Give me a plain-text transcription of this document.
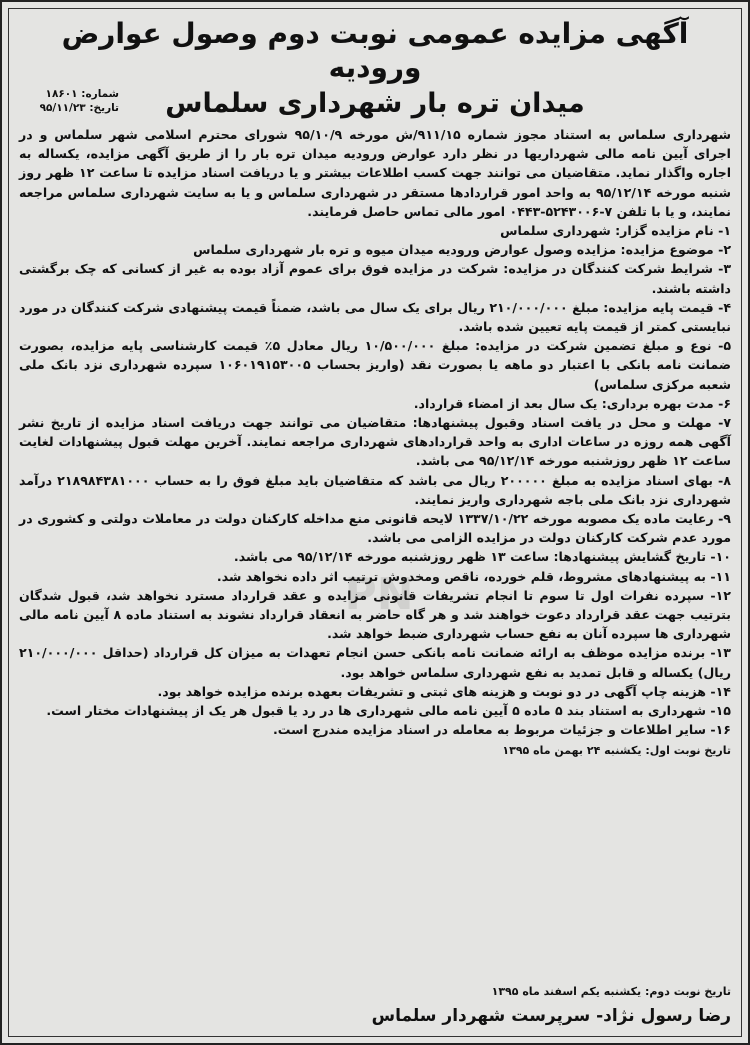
آگهی مزایده عمومی نوبت دوم وصول عوارض ورودیه
میدان تره بار شهرداری سلماس
شماره: ۱۸۶۰۱
تاریخ: ۹۵/۱۱/۲۳
شهرداری سلماس به استناد مجوز شماره ۹۱۱/۱۵/ش مورخه ۹۵/۱۰/۹ شورای محترم اسلامی شهر سلماس و در اجرای آیین نامه مالی شهرداریها در نظر دارد عوارض ورودیه میدان تره بار را از طریق آگهی مزایده، یکساله به اجاره واگذار نماید. متقاضیان می توانند جهت کسب اطلاعات بیشتر و یا دریافت اسناد مزایده تا ساعت ۱۲ ظهر روز شنبه مورخه ۹۵/۱۲/۱۴ به واحد امور قراردادها مستقر در شهرداری سلماس و یا به سایت شهرداری سلماس مراجعه نمایند، و یا با تلفن ۷-۵۲۴۳۰۰۶-۰۴۴۳ امور مالی تماس حاصل فرمایند.
۱- نام مزایده گزار: شهرداری سلماس
۲- موضوع مزایده: مزایده وصول عوارض ورودیه میدان میوه و تره بار شهرداری سلماس
۳- شرایط شرکت کنندگان در مزایده: شرکت در مزایده فوق برای عموم آزاد بوده به غیر از کسانی که چک برگشتی داشته باشند.
۴- قیمت پایه مزایده: مبلغ ۲۱۰/۰۰۰/۰۰۰ ریال برای یک سال می باشد، ضمناً قیمت پیشنهادی شرکت کنندگان در مورد نبایستی کمتر از قیمت پایه تعیین شده باشد.
۵- نوع و مبلغ تضمین شرکت در مزایده: مبلغ ۱۰/۵۰۰/۰۰۰ ریال معادل ۵٪ قیمت کارشناسی پایه مزایده، بصورت ضمانت نامه بانکی با اعتبار دو ماهه یا بصورت نقد (واریز بحساب ۱۰۶۰۱۹۱۵۳۰۰۵ سپرده شهرداری نزد بانک ملی شعبه مرکزی سلماس)
۶- مدت بهره برداری: یک سال بعد از امضاء قرارداد.
۷- مهلت و محل در یافت اسناد وقبول پیشنهادها: متقاضیان می توانند جهت دریافت اسناد مزایده از تاریخ نشر آگهی همه روزه در ساعات اداری به واحد قراردادهای شهرداری مراجعه نمایند. آخرین مهلت قبول پیشنهادات لغایت ساعت ۱۲ ظهر روزشنبه مورخه ۹۵/۱۲/۱۴ می باشد.
۸- بهای اسناد مزایده به مبلغ ۲۰۰۰۰۰ ریال می باشد که متقاضیان باید مبلغ فوق را به حساب ۲۱۸۹۸۴۳۸۱۰۰۰ درآمد شهرداری نزد بانک ملی باجه شهرداری واریز نمایند.
۹- رعایت ماده یک مصوبه مورخه ۱۳۳۷/۱۰/۲۲ لایحه قانونی منع مداخله کارکنان دولت در معاملات دولتی و کشوری در مورد عدم شرکت کارکنان دولت در مزایده الزامی می باشد.
۱۰- تاریخ گشایش پیشنهادها: ساعت ۱۳ ظهر روزشنبه مورخه ۹۵/۱۲/۱۴ می باشد.
۱۱- به پیشنهادهای مشروط، قلم خورده، ناقص ومخدوش ترتیب اثر داده نخواهد شد.
۱۲- سپرده نفرات اول تا سوم تا انجام تشریفات قانونی مزایده و عقد قرارداد مسترد نخواهد شد، قبول شدگان بترتیب جهت عقد قرارداد دعوت خواهند شد و هر گاه حاضر به انعقاد قرارداد نشوند به استناد ماده ۸ آیین نامه مالی شهرداری ها سپرده آنان به نفع حساب شهرداری ضبط خواهد شد.
۱۳- برنده مزایده موظف به ارائه ضمانت نامه بانکی حسن انجام تعهدات به میزان کل قرارداد (حداقل ۲۱۰/۰۰۰/۰۰۰ ریال) یکساله و قابل تمدید به نفع شهرداری سلماس خواهد بود.
۱۴- هزینه چاپ آگهی در دو نوبت و هزینه های ثبتی و تشریفات بعهده برنده مزایده خواهد بود.
۱۵- شهرداری به استناد بند ۵ ماده ۵ آیین نامه مالی شهرداری ها در رد یا قبول هر یک از پیشنهادات مختار است.
۱۶- سایر اطلاعات و جزئیات مربوط به معامله در اسناد مزایده مندرج است.
تاریخ نوبت اول: یکشنبه ۲۴ بهمن ماه ۱۳۹۵
تاریخ نوبت دوم: یکشنبه یکم اسفند ماه ۱۳۹۵
رضا رسول نژاد- سرپرست شهردار سلماس
PN
